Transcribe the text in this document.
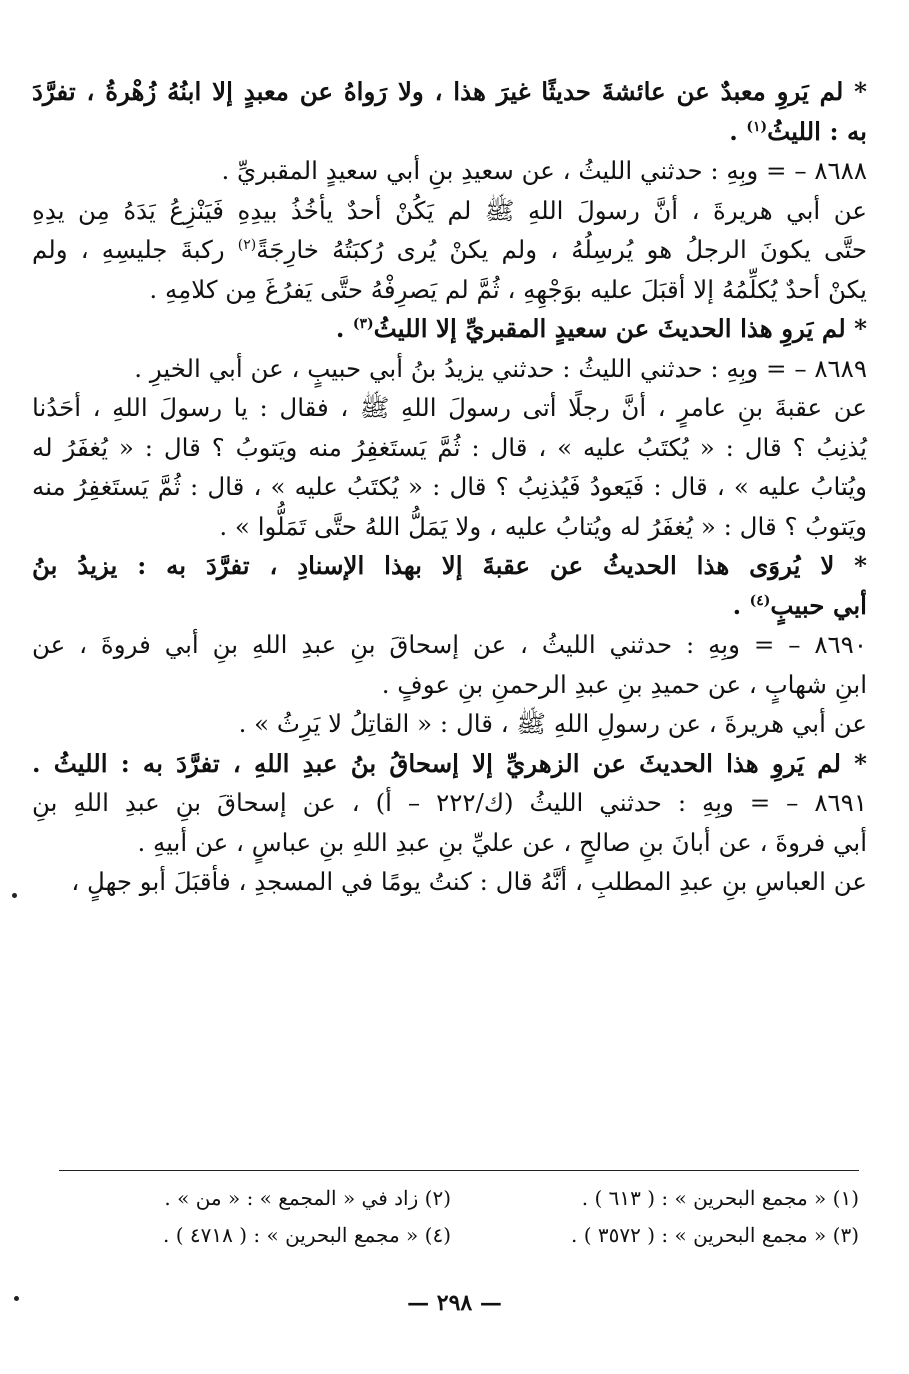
* لم يَروِ معبدٌ عن عائشةَ حديثًا غيرَ هذا ، ولا رَواهُ عن معبدٍ إلا ابنُهُ زُهْرةُ ، تفرَّدَ
به : الليثُ$^{(١)}$ .
٨٦٨٨ – = وبِهِ : حدثني الليثُ ، عن سعيدِ بنِ أبي سعيدٍ المقبريِّ .
عن أبي هريرةَ ، أنَّ رسولَ اللهِ ﷺ لم يَكُنْ أحدٌ يأخُذُ بيدِهِ فَيَنْزِعُ يَدَهُ مِن يدِهِ
حتَّى يكونَ الرجلُ هو يُرسِلُهُ ، ولم يكنْ يُرى رُكبَتُهُ خارِجَةً$^{(٢)}$ ركبةَ جليسِهِ ، ولم
يكنْ أحدٌ يُكلِّمُهُ إلا أقبَلَ عليه بوَجْهِهِ ، ثُمَّ لم يَصرِفْهُ حتَّى يَفرُغَ مِن كلامِهِ .
* لم يَروِ هذا الحديثَ عن سعيدٍ المقبريِّ إلا الليثُ$^{(٣)}$ .
٨٦٨٩ – = وبِهِ : حدثني الليثُ : حدثني يزيدُ بنُ أبي حبيبٍ ، عن أبي الخيرِ .
عن عقبةَ بنِ عامرٍ ، أنَّ رجلًا أتى رسولَ اللهِ ﷺ ، فقال : يا رسولَ اللهِ ، أحَدُنا
يُذنِبُ ؟ قال : « يُكتَبُ عليه » ، قال : ثُمَّ يَستَغفِرُ منه ويَتوبُ ؟ قال : « يُغفَرُ له
ويُتابُ عليه » ، قال : فَيَعودُ فَيُذنِبُ ؟ قال : « يُكتَبُ عليه » ، قال : ثُمَّ يَستَغفِرُ منه
ويَتوبُ ؟ قال : « يُغفَرُ له ويُتابُ عليه ، ولا يَمَلُّ اللهُ حتَّى تَمَلُّوا » .
* لا يُروَى هذا الحديثُ عن عقبةَ إلا بهذا الإسنادِ ، تفرَّدَ به : يزيدُ بنُ
أبي حبيبٍ$^{(٤)}$ .
٨٦٩٠ – = وبِهِ : حدثني الليثُ ، عن إسحاقَ بنِ عبدِ اللهِ بنِ أبي فروةَ ، عن
ابنِ شهابٍ ، عن حميدِ بنِ عبدِ الرحمنِ بنِ عوفٍ .
عن أبي هريرةَ ، عن رسولِ اللهِ ﷺ ، قال : « القاتِلُ لا يَرِثُ » .
* لم يَروِ هذا الحديثَ عن الزهريِّ إلا إسحاقُ بنُ عبدِ اللهِ ، تفرَّدَ به : الليثُ .
٨٦٩١ – = وبِهِ : حدثني الليثُ (ك/٢٢٢ – أ) ، عن إسحاقَ بنِ عبدِ اللهِ بنِ
أبي فروةَ ، عن أبانَ بنِ صالحٍ ، عن عليِّ بنِ عبدِ اللهِ بنِ عباسٍ ، عن أبيهِ .
عن العباسِ بنِ عبدِ المطلبِ ، أنَّهُ قال : كنتُ يومًا في المسجدِ ، فأقبَلَ أبو جهلٍ ،
(١) « مجمع البحرين » : ( ٦١٣ ) .
(٢) زاد في « المجمع » : « من » .
(٣) « مجمع البحرين » : ( ٣٥٧٢ ) .
(٤) « مجمع البحرين » : ( ٤٧١٨ ) .
— ٢٩٨ —
